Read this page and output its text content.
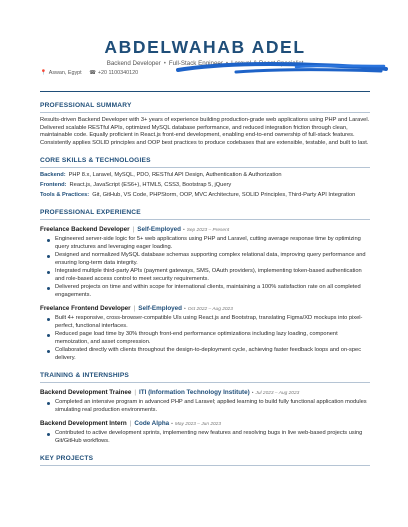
ABDELWAHAB ADEL
Backend Developer • Full-Stack Engineer • Laravel & React Specialist
📍 Aswan, Egypt ☎ +20 1100340120
PROFESSIONAL SUMMARY
Results-driven Backend Developer with 3+ years of experience building production-grade web applications using PHP and Laravel. Delivered scalable RESTful APIs, optimized MySQL database performance, and reduced integration friction through clean, maintainable code. Equally proficient in React.js front-end development, enabling end-to-end ownership of full-stack features. Consistently applies SOLID principles and OOP best practices to produce codebases that are extensible, testable, and built to last.
CORE SKILLS & TECHNOLOGIES
Backend: PHP 8.x, Laravel, MySQL, PDO, RESTful API Design, Authentication & Authorization
Frontend: React.js, JavaScript (ES6+), HTML5, CSS3, Bootstrap 5, jQuery
Tools & Practices: Git, GitHub, VS Code, PHPStorm, OOP, MVC Architecture, SOLID Principles, Third-Party API Integration
PROFESSIONAL EXPERIENCE
Freelance Backend Developer | Self-Employed • Sep 2023 – Present
Engineered server-side logic for 5+ web applications using PHP and Laravel, cutting average response time by optimizing query structures and leveraging eager loading.
Designed and normalized MySQL database schemas supporting complex relational data, improving query performance and ensuring long-term data integrity.
Integrated multiple third-party APIs (payment gateways, SMS, OAuth providers), implementing token-based authentication and role-based access control to meet security requirements.
Delivered projects on time and within scope for international clients, maintaining a 100% satisfaction rate on all completed engagements.
Freelance Frontend Developer | Self-Employed • Oct 2022 – Aug 2023
Built 4+ responsive, cross-browser-compatible UIs using React.js and Bootstrap, translating Figma/XD mockups into pixel-perfect, functional interfaces.
Reduced page load time by 30% through front-end performance optimizations including lazy loading, component memoization, and asset compression.
Collaborated directly with clients throughout the design-to-deployment cycle, achieving faster feedback loops and on-spec delivery.
TRAINING & INTERNSHIPS
Backend Development Trainee | ITI (Information Technology Institute) • Jul 2023 – Aug 2023
Completed an intensive program in advanced PHP and Laravel; applied learning to build fully functional application modules simulating real production environments.
Backend Development Intern | Code Alpha • May 2023 – Jun 2023
Contributed to active development sprints, implementing new features and resolving bugs in live web-based projects using Git/GitHub workflows.
KEY PROJECTS
